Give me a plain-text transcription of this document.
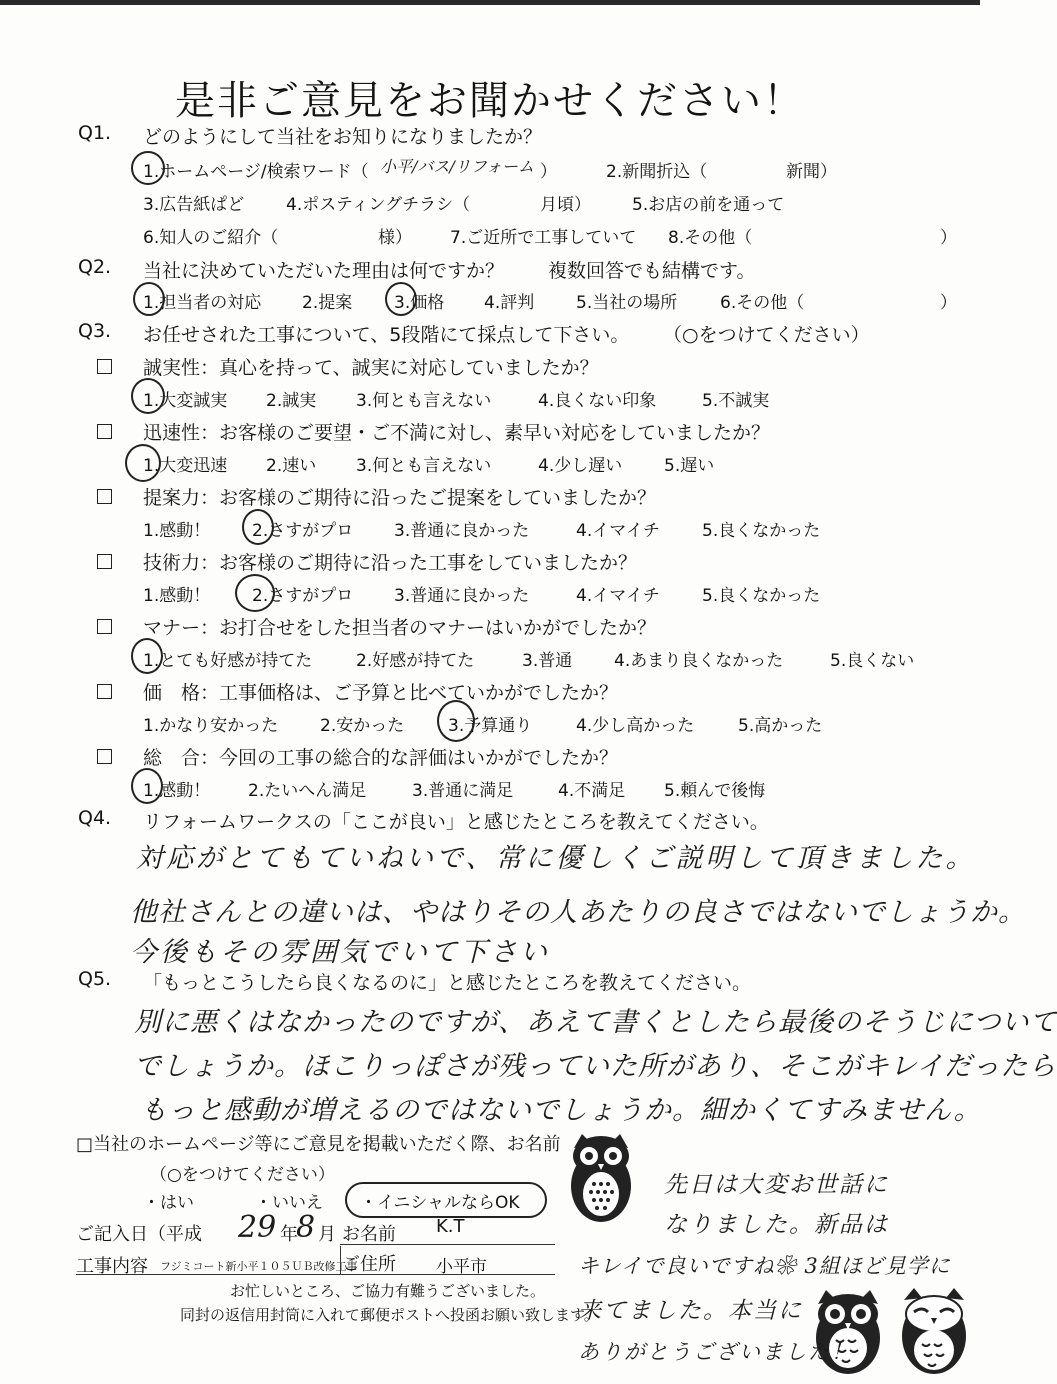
是非ご意見をお聞かせください！
Q1. どのようにして当社をお知りになりましたか？
1.ホームページ/検索ワード（ 小平/バス/リフォーム ）	2.新聞折込（	新聞）
3.広告紙ぱど 4.ポスティングチラシ（	月頃） 5.お店の前を通って
6.知人のご紹介（	様） 7.ご近所で工事していて 8.その他（	）
Q2. 当社に決めていただいた理由は何ですか？ 複数回答でも結構です。
1.担当者の対応 2.提案 3.価格 4.評判 5.当社の場所	6.その他（	）
Q3. お任せされた工事について、5段階にて採点して下さい。 （○をつけてください）
誠実性：真心を持って、誠実に対応していましたか？
1.大変誠実 2.誠実 3.何とも言えない	4.良くない印象	5.不誠実
迅速性：お客様のご要望・ご不満に対し、素早い対応をしていましたか？
1.大変迅速 2.速い 3.何とも言えない	4.少し遅い 5.遅い
提案力：お客様のご期待に沿ったご提案をしていましたか？
1.感動！ 2.さすがプロ 3.普通に良かった	4.イマイチ 5.良くなかった
技術力：お客様のご期待に沿った工事をしていましたか？
1.感動！ 2.さすがプロ 3.普通に良かった	4.イマイチ 5.良くなかった
マナー：お打合せをした担当者のマナーはいかがでしたか？
1.とても好感が持てた	2.好感が持てた	3.普通 4.あまり良くなかった	5.良くない
価　格：工事価格は、ご予算と比べていかがでしたか？
1.かなり安かった 2.安かった	3.予算通り	4.少し高かった	5.高かった
総　合：今回の工事の総合的な評価はいかがでしたか？
1.感動！ 2.たいへん満足	3.普通に満足	4.不満足 5.頼んで後悔
Q4. リフォームワークスの「ここが良い」と感じたところを教えてください。
対応がとてもていねいで、常に優しくご説明して頂きました。
他社さんとの違いは、やはりその人あたりの良さではないでしょうか。
今後もその雰囲気でいて下さい
Q5. 「もっとこうしたら良くなるのに」と感じたところを教えてください。
別に悪くはなかったのですが、あえて書くとしたら最後のそうじについて
でしょうか。ほこりっぽさが残っていた所があり、そこがキレイだったら
もっと感動が増えるのではないでしょうか。細かくてすみません。
□当社のホームページ等にご意見を掲載いただく際、お名前
（○をつけてください）
・はい	・いいえ ・イニシャルならOK
ご記入日（平成 29 年
8 月 お名前 K.T
工事内容 フジミコート新小平１０５ＵＢ改修工事
ご住所 小平市
お忙しいところ、ご協力有難うございました。
同封の返信用封筒に入れて郵便ポストへ投函お願い致します。
先日は大変お世話に
なりました。新品は
キレイで良いですね❀ 3組ほど見学に
来てました。本当に
ありがとうございました！
